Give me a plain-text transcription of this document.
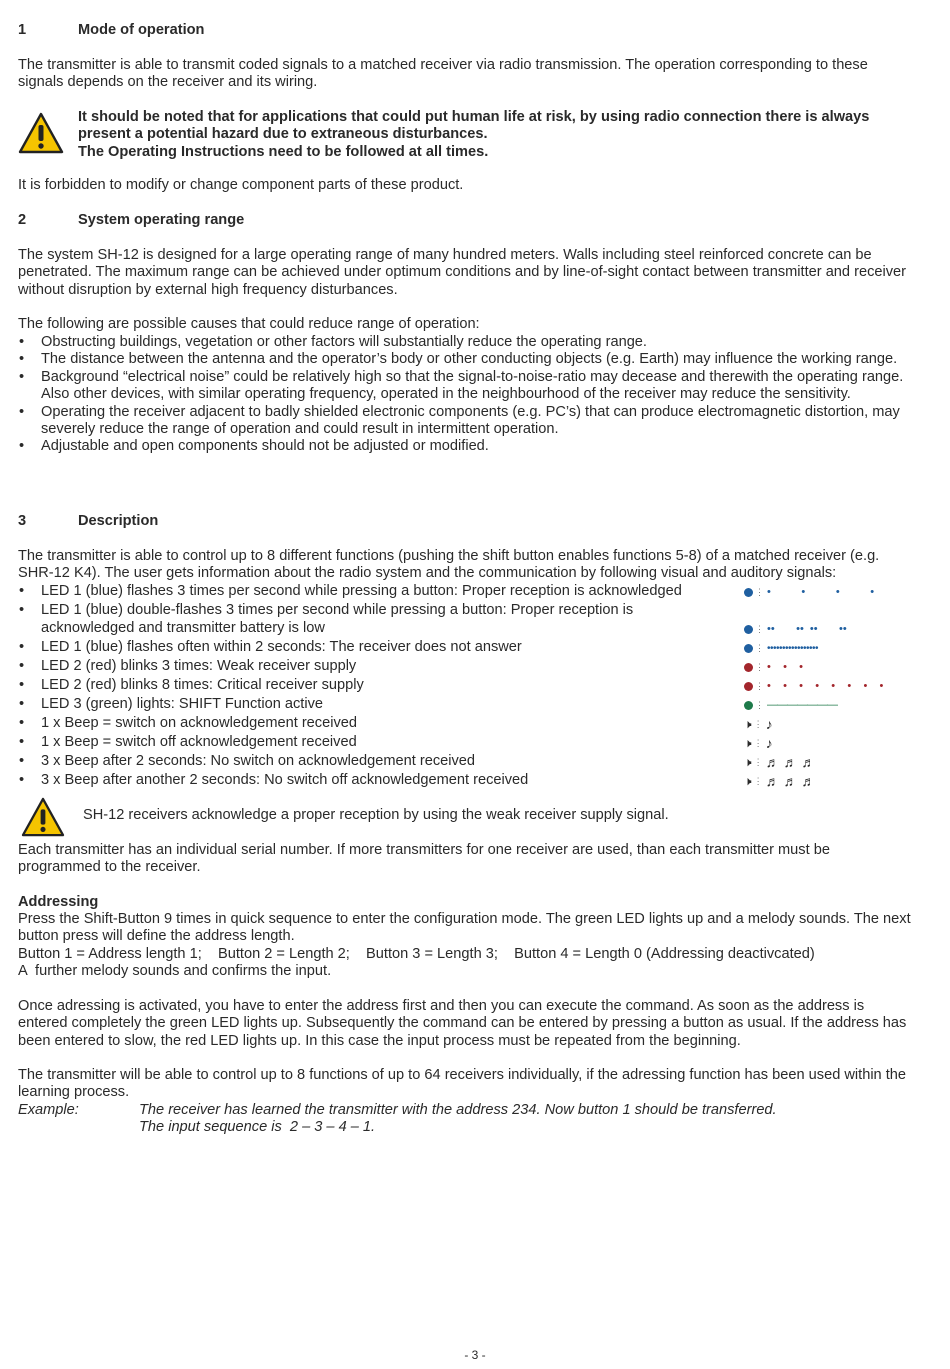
1	Mode of operation
The transmitter is able to transmit coded signals to a matched receiver via radio transmission. The operation corresponding to these signals depends on the receiver and its wiring.
It should be noted that for applications that could put human life at risk, by using radio connection there is always
present a potential hazard due to extraneous disturbances.
The Operating Instructions need to be followed at all times.
It is forbidden to modify or change component parts of these product.
2	System operating range
The system SH-12 is designed for a large operating range of many hundred meters. Walls including steel reinforced concrete can be penetrated. The maximum range can be achieved under optimum conditions and by line-of-sight contact between transmitter and receiver without disruption by external high frequency disturbances.
The following are possible causes that could reduce range of operation:
• Obstructing buildings, vegetation or other factors will substantially reduce the operating range.
• The distance between the antenna and the operator’s body or other conducting objects (e.g. Earth) may influence the working range.
• Background “electrical noise” could be relatively high so that the signal-to-noise-ratio may decease and therewith the operating range. Also other devices, with similar operating frequency, operated in the neighbourhood of the receiver may reduce the sensitivity.
• Operating the receiver adjacent to badly shielded electronic components (e.g. PC’s) that can produce electromagnetic distortion, may severely reduce the range of operation and could result in intermittent operation.
• Adjustable and open components should not be adjusted or modified.
3	Description
The transmitter is able to control up to 8 different functions (pushing the shift button enables functions 5-8) of a matched receiver (e.g. SHR-12 K4). The user gets information about the radio system and the communication by following visual and auditory signals:
• LED 1 (blue) flashes 3 times per second while pressing a button: Proper reception is acknowledged	⋮ •          •          •          •
• LED 1 (blue) double-flashes 3 times per second while pressing a button: Proper reception is
acknowledged and transmitter battery is low	⋮ ••       ••  ••       ••
• LED 1 (blue) flashes often within 2 seconds: The receiver does not answer	⋮ •••••••••••••••••
• LED 2 (red) blinks 3 times: Weak receiver supply	⋮ •    •    •
• LED 2 (red) blinks 8 times: Critical receiver supply	⋮ •    •    •    •    •    •    •    •
• LED 3 (green) lights: SHIFT Function active	⋮ ———————
• 1 x Beep = switch on acknowledgement received	🕨 ⋮ ♪
• 1 x Beep = switch off acknowledgement received	🕨 ⋮ ♪
• 3 x Beep after 2 seconds: No switch on acknowledgement received	🕨 ⋮ ♬ ♬ ♬
• 3 x Beep after another 2 seconds: No switch off acknowledgement received	🕨 ⋮ ♬ ♬ ♬
SH-12 receivers acknowledge a proper reception by using the weak receiver supply signal.
Each transmitter has an individual serial number. If more transmitters for one receiver are used, than each transmitter must be programmed to the receiver.
Addressing
Press the Shift-Button 9 times in quick sequence to enter the configuration mode. The green LED lights up and a melody sounds. The next button press will define the address length.
Button 1 = Address length 1;    Button 2 = Length 2;    Button 3 = Length 3;    Button 4 = Length 0 (Addressing deactivcated)
A  further melody sounds and confirms the input.
Once adressing is activated, you have to enter the address first and then you can execute the command. As soon as the address is entered completely the green LED lights up. Subsequently the command can be entered by pressing a button as usual. If the address has been entered to slow, the red LED lights up. In this case the input process must be repeated from the beginning.
The transmitter will be able to control up to 8 functions of up to 64 receivers individually, if the adressing function has been used within the learning process.
Example:	The receiver has learned the transmitter with the address 234. Now button 1 should be transferred.
The input sequence is  2 – 3 – 4 – 1.
- 3 -
